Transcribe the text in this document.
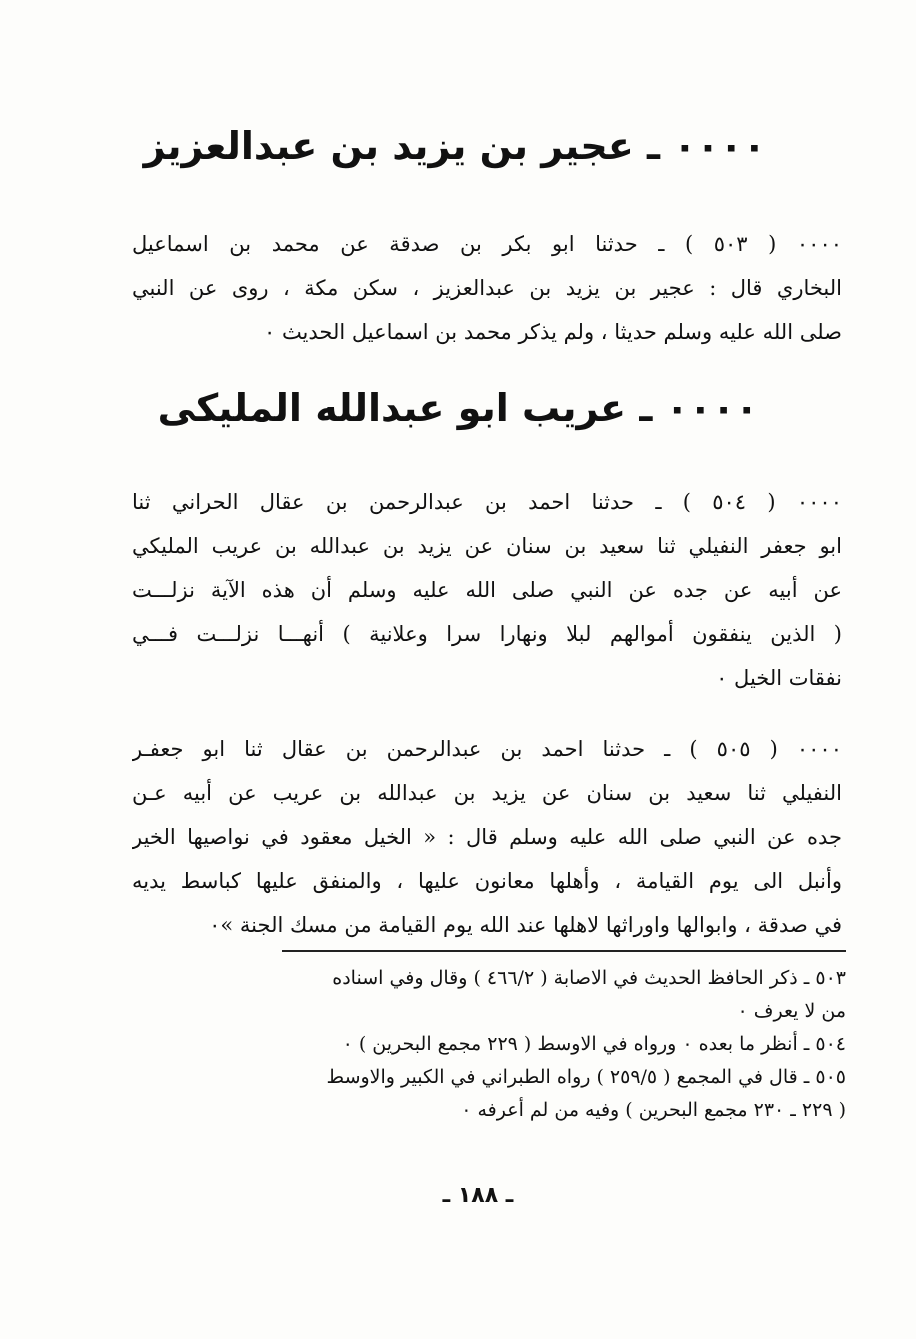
٠٠٠٠ ـ عجير بن يزيد بن عبدالعزيز
٠٠٠٠ ( ٥٠٣ ) ـ حدثنا ابو بكر بن صدقة عن محمد بن اسماعيل
البخاري قال : عجير بن يزيد بن عبدالعزيز ، سكن مكة ، روى عن النبي
صلى الله عليه وسلم حديثا ، ولم يذكر محمد بن اسماعيل الحديث ٠
٠٠٠٠ ـ عريب ابو عبدالله المليكى
٠٠٠٠ ( ٥٠٤ ) ـ حدثنا احمد بن عبدالرحمن بن عقال الحراني ثنا
ابو جعفر النفيلي ثنا سعيد بن سنان عن يزيد بن عبدالله بن عريب المليكي
عن أبيه عن جده عن النبي صلى الله عليه وسلم أن هذه الآية نزلـــت
( الذين ينفقون أموالهم لبلا ونهارا سرا وعلانية ) أنهـــا نزلـــت فـــي
نفقات الخيل ٠
٠٠٠٠ ( ٥٠٥ ) ـ حدثنا احمد بن عبدالرحمن بن عقال ثنا ابو جعفـر
النفيلي ثنا سعيد بن سنان عن يزيد بن عبدالله بن عريب عن أبيه عـن
جده عن النبي صلى الله عليه وسلم قال : « الخيل معقود في نواصيها الخير
وأنبل الى يوم القيامة ، وأهلها معانون عليها ، والمنفق عليها كباسط يديه
في صدقة ، وابوالها واوراثها لاهلها عند الله يوم القيامة من مسك الجنة »٠
٥٠٣ ـ ذكر الحافظ الحديث في الاصابة ( ٤٦٦/٢ ) وقال وفي اسناده
من لا يعرف ٠
٥٠٤ ـ أنظر ما بعده ٠ ورواه في الاوسط ( ٢٢٩ مجمع البحرين ) ٠
٥٠٥ ـ قال في المجمع ( ٢٥٩/٥ ) رواه الطبراني في الكبير والاوسط
( ٢٢٩ ـ ٢٣٠ مجمع البحرين ) وفيه من لم أعرفه ٠
ـ ١٨٨ ـ
